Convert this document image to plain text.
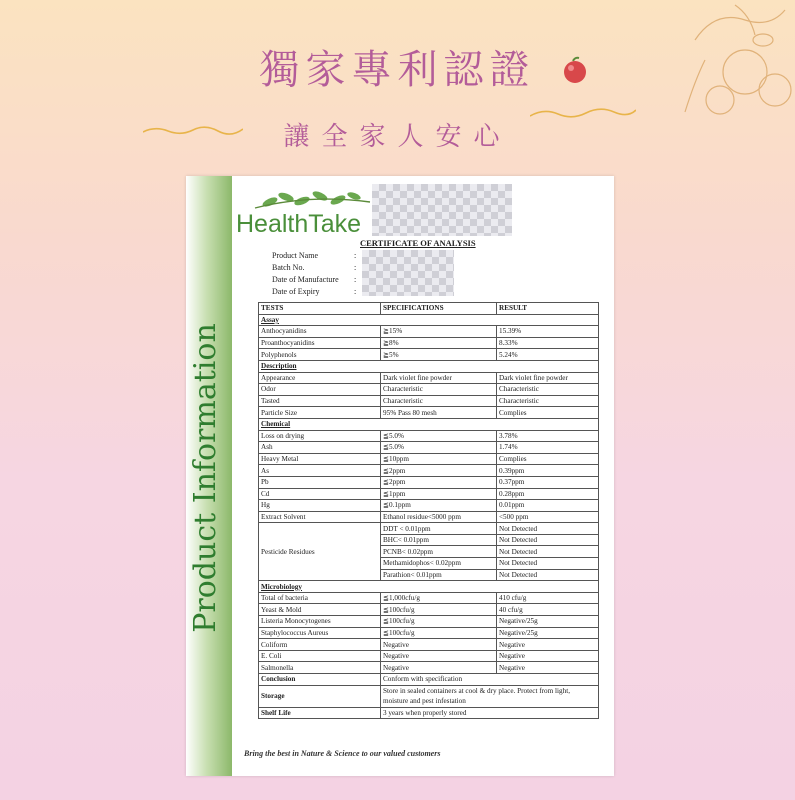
獨家專利認證
讓全家人安心
Product Information
HealthTake
CERTIFICATE OF ANALYSIS
Product Name	:
Batch No.	:
Date of Manufacture :
Date of Expiry	:
TESTS	SPECIFICATIONS	RESULT
Assay		
Anthocyanidins	≧15%	15.39%
Proanthocyanidins	≧8%	8.33%
Polyphenols	≧5%	5.24%
Description		
Appearance	Dark violet fine powder	Dark violet fine powder
Odor	Characteristic	Characteristic
Tasted	Characteristic	Characteristic
Particle Size	95% Pass 80 mesh	Complies
Chemical		
Loss on drying	≦5.0%	3.78%
Ash	≦5.0%	1.74%
Heavy Metal	≦10ppm	Complies
As	≦2ppm	0.39ppm
Pb	≦2ppm	0.37ppm
Cd	≦1ppm	0.28ppm
Hg	≦0.1ppm	0.01ppm
Extract Solvent	Ethanol residue<5000 ppm	<500 ppm
Pesticide Residues	DDT < 0.01ppm	Not Detected
	BHC< 0.01ppm	Not Detected
	PCNB< 0.02ppm	Not Detected
	Methamidophos< 0.02ppm	Not Detected
	Parathion< 0.01ppm	Not Detected
Microbiology		
Total of bacteria	≦1,000cfu/g	410 cfu/g
Yeast & Mold	≦100cfu/g	40 cfu/g
Listeria Monocytogenes	≦100cfu/g	Negative/25g
Staphylococcus Aureus	≦100cfu/g	Negative/25g
Coliform	Negative	Negative
E. Coli	Negative	Negative
Salmonella	Negative	Negative
Conclusion	Conform with specification	
Storage	Store in sealed containers at cool & dry place. Protect from light, moisture and pest infestation	
Shelf Life	3 years when properly stored	
Bring the best in Nature & Science to our valued customers
